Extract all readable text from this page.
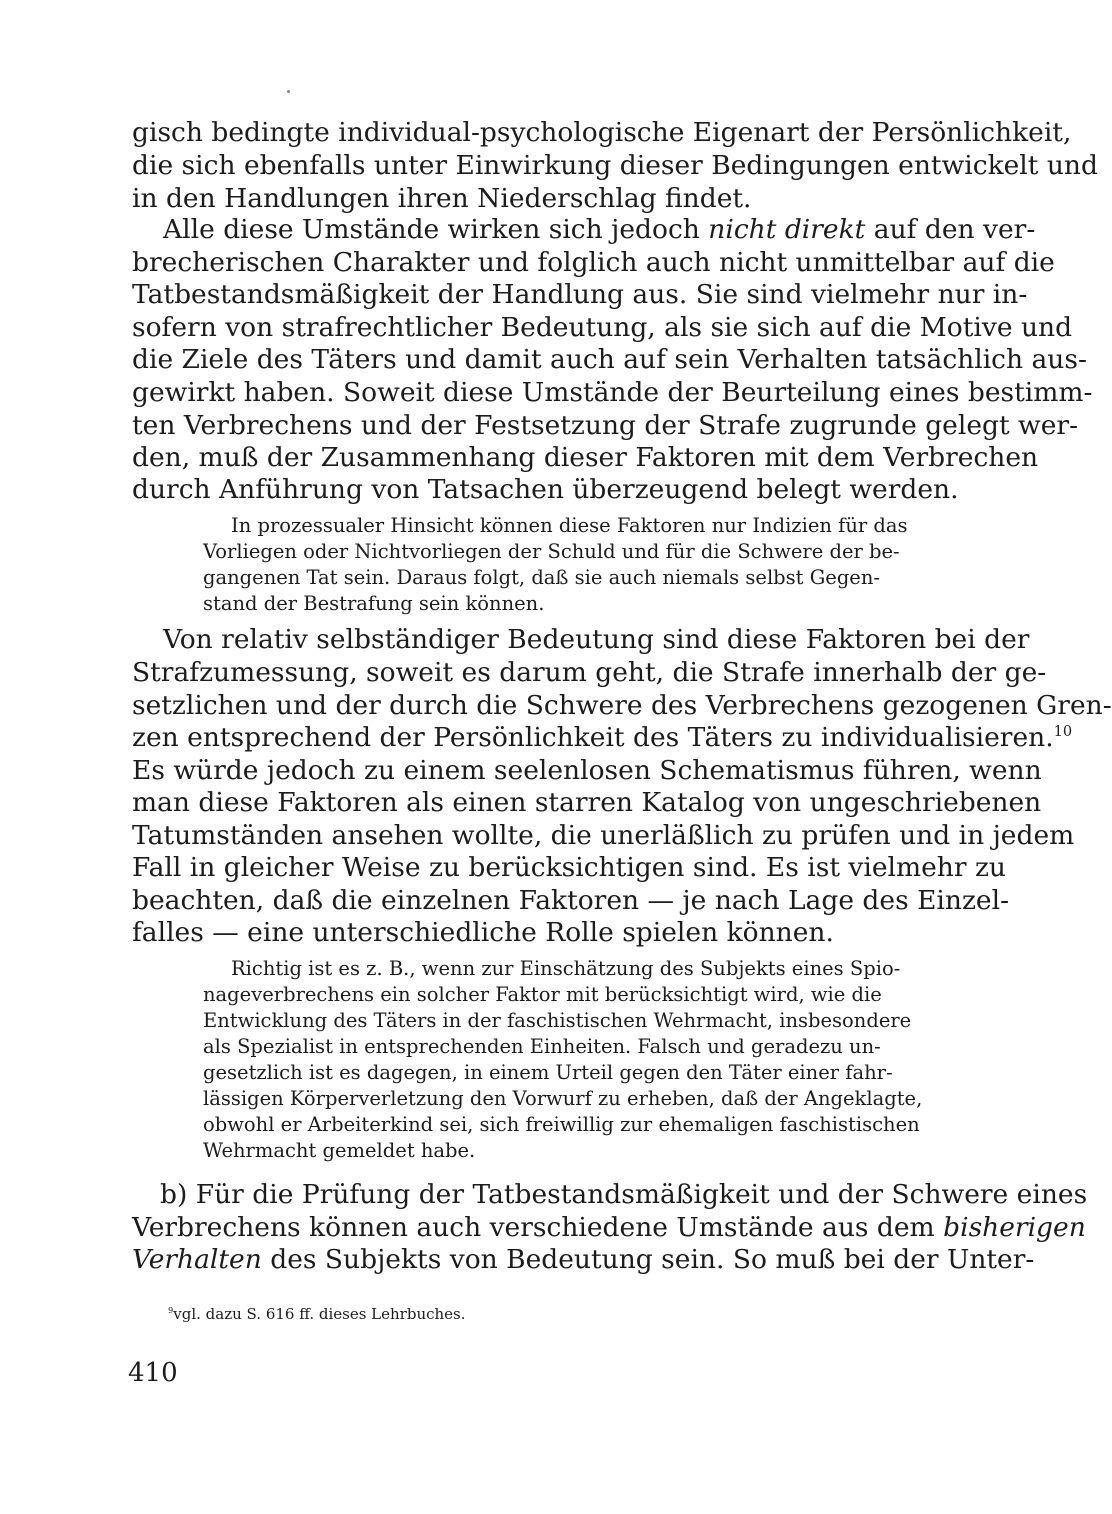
gisch bedingte individual-psychologische Eigenart der Persönlichkeit,
die sich ebenfalls unter Einwirkung dieser Bedingungen entwickelt und
in den Handlungen ihren Niederschlag findet.
Alle diese Umstände wirken sich jedoch nicht direkt auf den ver-
brecherischen Charakter und folglich auch nicht unmittelbar auf die
Tatbestandsmäßigkeit der Handlung aus. Sie sind vielmehr nur in-
sofern von strafrechtlicher Bedeutung, als sie sich auf die Motive und
die Ziele des Täters und damit auch auf sein Verhalten tatsächlich aus-
gewirkt haben. Soweit diese Umstände der Beurteilung eines bestimm-
ten Verbrechens und der Festsetzung der Strafe zugrunde gelegt wer-
den, muß der Zusammenhang dieser Faktoren mit dem Verbrechen
durch Anführung von Tatsachen überzeugend belegt werden.
In prozessualer Hinsicht können diese Faktoren nur Indizien für das
Vorliegen oder Nichtvorliegen der Schuld und für die Schwere der be-
gangenen Tat sein. Daraus folgt, daß sie auch niemals selbst Gegen-
stand der Bestrafung sein können.
Von relativ selbständiger Bedeutung sind diese Faktoren bei der
Strafzumessung, soweit es darum geht, die Strafe innerhalb der ge-
setzlichen und der durch die Schwere des Verbrechens gezogenen Gren-
zen entsprechend der Persönlichkeit des Täters zu individualisieren.$^{10}$
Es würde jedoch zu einem seelenlosen Schematismus führen, wenn
man diese Faktoren als einen starren Katalog von ungeschriebenen
Tatumständen ansehen wollte, die unerläßlich zu prüfen und in jedem
Fall in gleicher Weise zu berücksichtigen sind. Es ist vielmehr zu
beachten, daß die einzelnen Faktoren — je nach Lage des Einzel-
falles — eine unterschiedliche Rolle spielen können.
Richtig ist es z. B., wenn zur Einschätzung des Subjekts eines Spio-
nageverbrechens ein solcher Faktor mit berücksichtigt wird, wie die
Entwicklung des Täters in der faschistischen Wehrmacht, insbesondere
als Spezialist in entsprechenden Einheiten. Falsch und geradezu un-
gesetzlich ist es dagegen, in einem Urteil gegen den Täter einer fahr-
lässigen Körperverletzung den Vorwurf zu erheben, daß der Angeklagte,
obwohl er Arbeiterkind sei, sich freiwillig zur ehemaligen faschistischen
Wehrmacht gemeldet habe.
b) Für die Prüfung der Tatbestandsmäßigkeit und der Schwere eines
Verbrechens können auch verschiedene Umstände aus dem bisherigen
Verhalten des Subjekts von Bedeutung sein. So muß bei der Unter-
$^9$vgl. dazu S. 616 ff. dieses Lehrbuches.
410
